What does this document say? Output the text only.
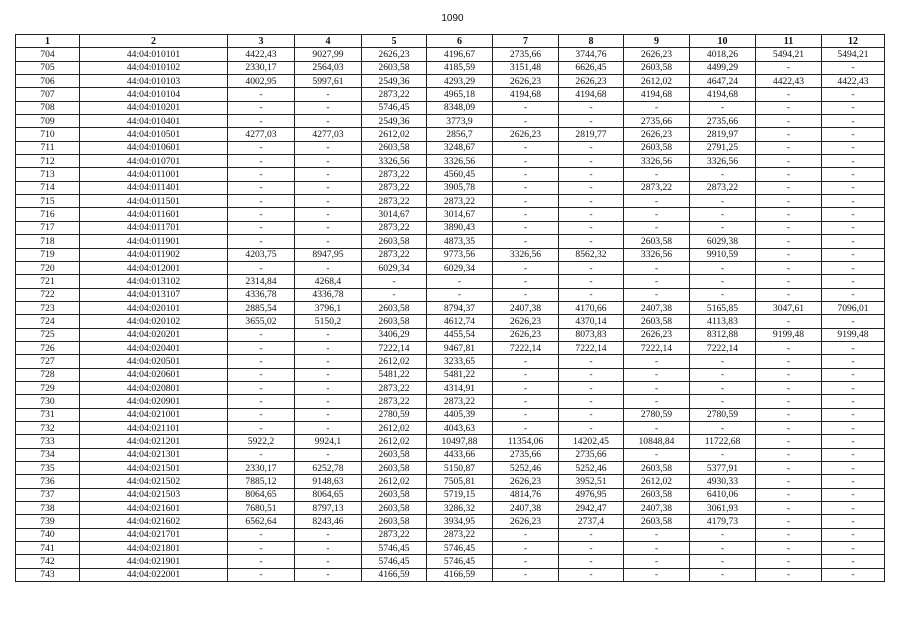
1090
1	2	3	4	5	6	7	8	9	10	11	12
704	44:04:010101	4422,43	9027,99	2626,23	4196,67	2735,66	3744,76	2626,23	4018,26	5494,21	5494,21
705	44:04:010102	2330,17	2564,03	2603,58	4185,59	3151,48	6626,45	2603,58	4499,29	-	-
706	44:04:010103	4002,95	5997,61	2549,36	4293,29	2626,23	2626,23	2612,02	4647,24	4422,43	4422,43
707	44:04:010104	-	-	2873,22	4965,18	4194,68	4194,68	4194,68	4194,68	-	-
708	44:04:010201	-	-	5746,45	8348,09	-	-	-	-	-	-
709	44:04:010401	-	-	2549,36	3773,9	-	-	2735,66	2735,66	-	-
710	44:04:010501	4277,03	4277,03	2612,02	2856,7	2626,23	2819,77	2626,23	2819,97	-	-
711	44:04:010601	-	-	2603,58	3248,67	-	-	2603,58	2791,25	-	-
712	44:04:010701	-	-	3326,56	3326,56	-	-	3326,56	3326,56	-	-
713	44:04:011001	-	-	2873,22	4560,45	-	-	-	-	-	-
714	44:04:011401	-	-	2873,22	3905,78	-	-	2873,22	2873,22	-	-
715	44:04:011501	-	-	2873,22	2873,22	-	-	-	-	-	-
716	44:04:011601	-	-	3014,67	3014,67	-	-	-	-	-	-
717	44:04:011701	-	-	2873,22	3890,43	-	-	-	-	-	-
718	44:04:011901	-	-	2603,58	4873,35	-	-	2603,58	6029,38	-	-
719	44:04:011902	4203,75	8947,95	2873,22	9773,56	3326,56	8562,32	3326,56	9910,59	-	-
720	44:04:012001	-	-	6029,34	6029,34	-	-	-	-	-	-
721	44:04:013102	2314,84	4268,4	-	-	-	-	-	-	-	-
722	44:04:013107	4336,78	4336,78	-	-	-	-	-	-	-	-
723	44:04:020101	2885,54	3796,1	2603,58	8794,37	2407,38	4170,66	2407,38	5165,85	3047,61	7096,01
724	44:04:020102	3655,02	5150,2	2603,58	4612,74	2626,23	4370,14	2603,58	4113,83	-	-
725	44:04:020201	-	-	3406,29	4455,54	2626,23	8073,83	2626,23	8312,88	9199,48	9199,48
726	44:04:020401	-	-	7222,14	9467,81	7222,14	7222,14	7222,14	7222,14	-	-
727	44:04:020501	-	-	2612,02	3233,65	-	-	-	-	-	-
728	44:04:020601	-	-	5481,22	5481,22	-	-	-	-	-	-
729	44:04:020801	-	-	2873,22	4314,91	-	-	-	-	-	-
730	44:04:020901	-	-	2873,22	2873,22	-	-	-	-	-	-
731	44:04:021001	-	-	2780,59	4405,39	-	-	2780,59	2780,59	-	-
732	44:04:021101	-	-	2612,02	4043,63	-	-	-	-	-	-
733	44:04:021201	5922,2	9924,1	2612,02	10497,88	11354,06	14202,45	10848,84	11722,68	-	-
734	44:04:021301	-	-	2603,58	4433,66	2735,66	2735,66	-	-	-	-
735	44:04:021501	2330,17	6252,78	2603,58	5150,87	5252,46	5252,46	2603,58	5377,91	-	-
736	44:04:021502	7885,12	9148,63	2612,02	7505,81	2626,23	3952,51	2612,02	4930,33	-	-
737	44:04:021503	8064,65	8064,65	2603,58	5719,15	4814,76	4976,95	2603,58	6410,06	-	-
738	44:04:021601	7680,51	8797,13	2603,58	3286,32	2407,38	2942,47	2407,38	3061,93	-	-
739	44:04:021602	6562,64	8243,46	2603,58	3934,95	2626,23	2737,4	2603,58	4179,73	-	-
740	44:04:021701	-	-	2873,22	2873,22	-	-	-	-	-	-
741	44:04:021801	-	-	5746,45	5746,45	-	-	-	-	-	-
742	44:04:021901	-	-	5746,45	5746,45	-	-	-	-	-	-
743	44:04:022001	-	-	4166,59	4166,59	-	-	-	-	-	-
